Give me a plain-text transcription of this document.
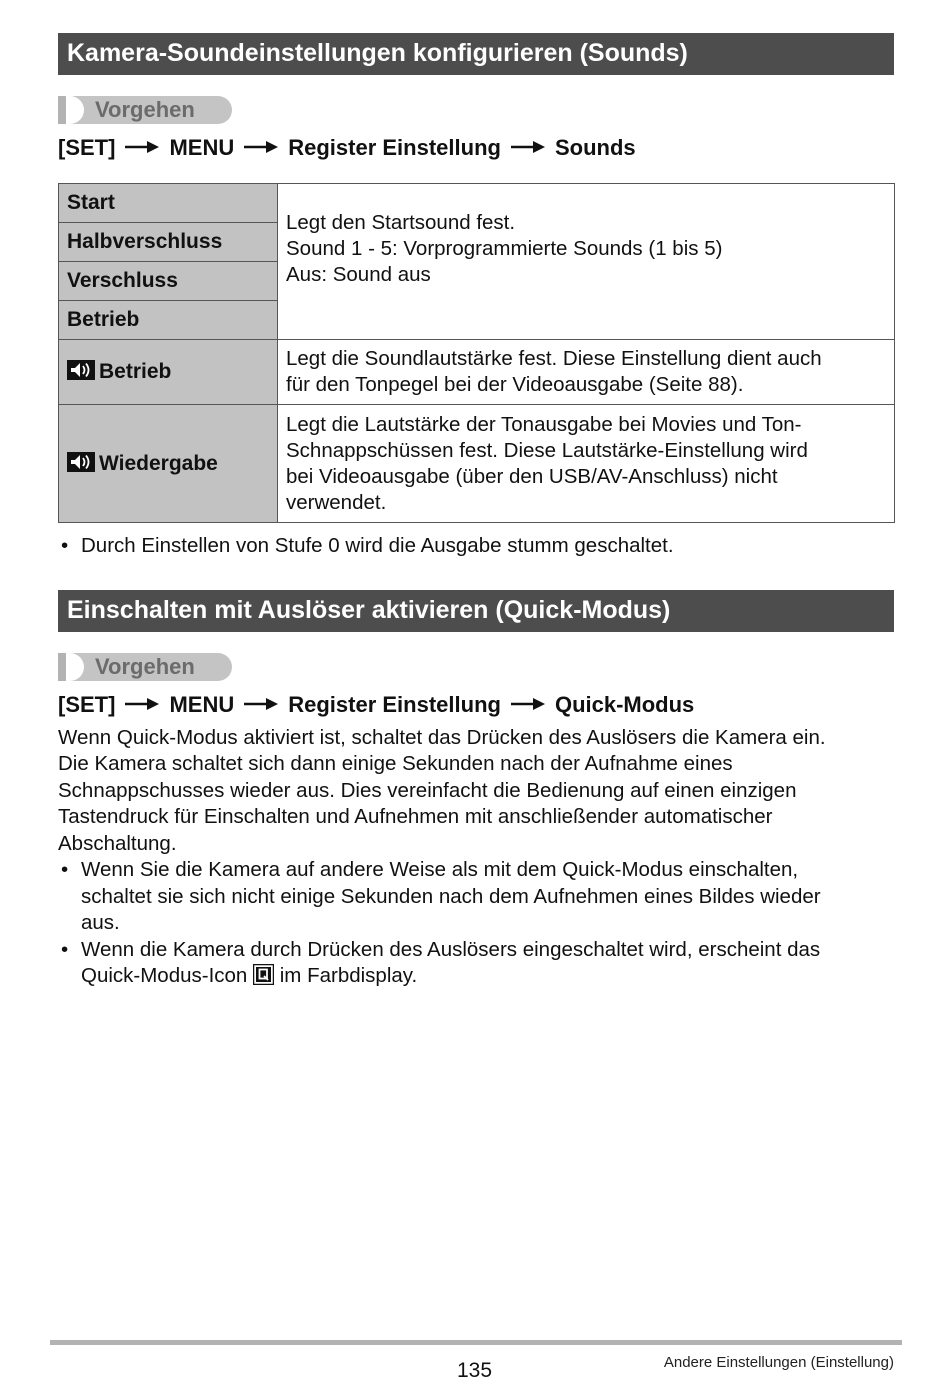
Kamera-Soundeinstellungen konfigurieren (Sounds)
Vorgehen
[SET] MENU Register Einstellung Sounds
Start	Legt den Startsound fest.
Sound 1 - 5: Vorprogrammierte Sounds (1 bis 5)
Aus: Sound aus

Halbverschluss	
Verschluss	
Betrieb	
Betrieb	Legt die Soundlautstärke fest. Diese Einstellung dient auch
für den Tonpegel bei der Videoausgabe (Seite 88).

Wiedergabe	Legt die Lautstärke der Tonausgabe bei Movies und Ton-
Schnappschüssen fest. Diese Lautstärke-Einstellung wird
bei Videoausgabe (über den USB/AV-Anschluss) nicht
verwendet.
• Durch Einstellen von Stufe 0 wird die Ausgabe stumm geschaltet.
Einschalten mit Auslöser aktivieren (Quick-Modus)
Vorgehen
[SET] MENU Register Einstellung Quick-Modus
Wenn Quick-Modus aktiviert ist, schaltet das Drücken des Auslösers die Kamera ein.
Die Kamera schaltet sich dann einige Sekunden nach der Aufnahme eines
Schnappschusses wieder aus. Dies vereinfacht die Bedienung auf einen einzigen
Tastendruck für Einschalten und Aufnehmen mit anschließender automatischer
Abschaltung.
• Wenn Sie die Kamera auf andere Weise als mit dem Quick-Modus einschalten,
schaltet sie sich nicht einige Sekunden nach dem Aufnehmen eines Bildes wieder
aus.
• Wenn die Kamera durch Drücken des Auslösers eingeschaltet wird, erscheint das
Quick-Modus-Icon im Farbdisplay.
135	Andere Einstellungen (Einstellung)
